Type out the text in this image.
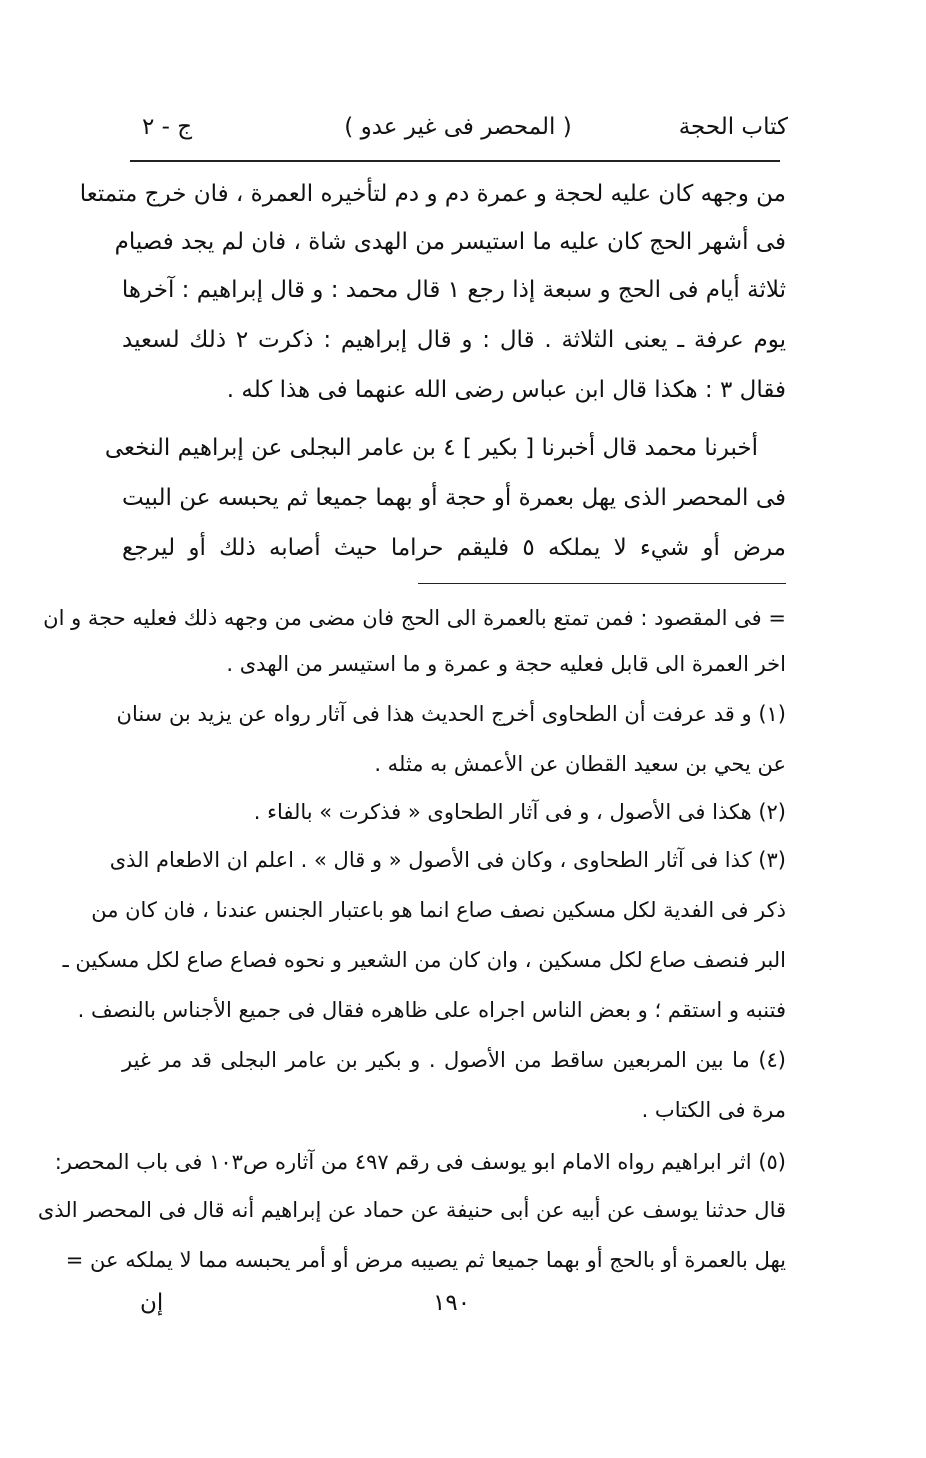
كتاب الحجة
( المحصر فى غير عدو )
ج - ٢
من وجهه كان عليه لحجة و عمرة دم و دم لتأخيره العمرة ، فان خرج متمتعا
فى أشهر الحج كان عليه ما استيسر من الهدى شاة ، فان لم يجد فصيام
ثلاثة أيام فى الحج و سبعة إذا رجع ١ قال محمد : و قال إبراهيم : آخرها
يوم عرفة ـ يعنى الثلاثة . قال : و قال إبراهيم : ذكرت ٢ ذلك لسعيد
فقال ٣ : هكذا قال ابن عباس رضى الله عنهما فى هذا كله .
أخبرنا محمد قال أخبرنا [ بكير ] ٤ بن عامر البجلى عن إبراهيم النخعى
فى المحصر الذى يهل بعمرة أو حجة أو بهما جميعا ثم يحبسه عن البيت
مرض أو شيء لا يملكه ٥ فليقم حراما حيث أصابه ذلك أو ليرجع
= فى المقصود : فمن تمتع بالعمرة الى الحج فان مضى من وجهه ذلك فعليه حجة و ان
اخر العمرة الى قابل فعليه حجة و عمرة و ما استيسر من الهدى .
(١) و قد عرفت أن الطحاوى أخرج الحديث هذا فى آثار رواه عن يزيد بن سنان
عن يحي بن سعيد القطان عن الأعمش به مثله .
(٢) هكذا فى الأصول ، و فى آثار الطحاوى « فذكرت » بالفاء .
(٣) كذا فى آثار الطحاوى ، وكان فى الأصول « و قال » . اعلم ان الاطعام الذى
ذكر فى الفدية لكل مسكين نصف صاع انما هو باعتبار الجنس عندنا ، فان كان من
البر فنصف صاع لكل مسكين ، وان كان من الشعير و نحوه فصاع صاع لكل مسكين ـ
فتنبه و استقم ؛ و بعض الناس اجراه على ظاهره فقال فى جميع الأجناس بالنصف .
(٤) ما بين المربعين ساقط من الأصول . و بكير بن عامر البجلى قد مر غير
مرة فى الكتاب .
(٥) اثر ابراهيم رواه الامام ابو يوسف فى رقم ٤٩٧ من آثاره ص١٠٣ فى باب المحصر:
قال حدثنا يوسف عن أبيه عن أبى حنيفة عن حماد عن إبراهيم أنه قال فى المحصر الذى
يهل بالعمرة أو بالحج أو بهما جميعا ثم يصيبه مرض أو أمر يحبسه مما لا يملكه عن =
١٩٠
إن
